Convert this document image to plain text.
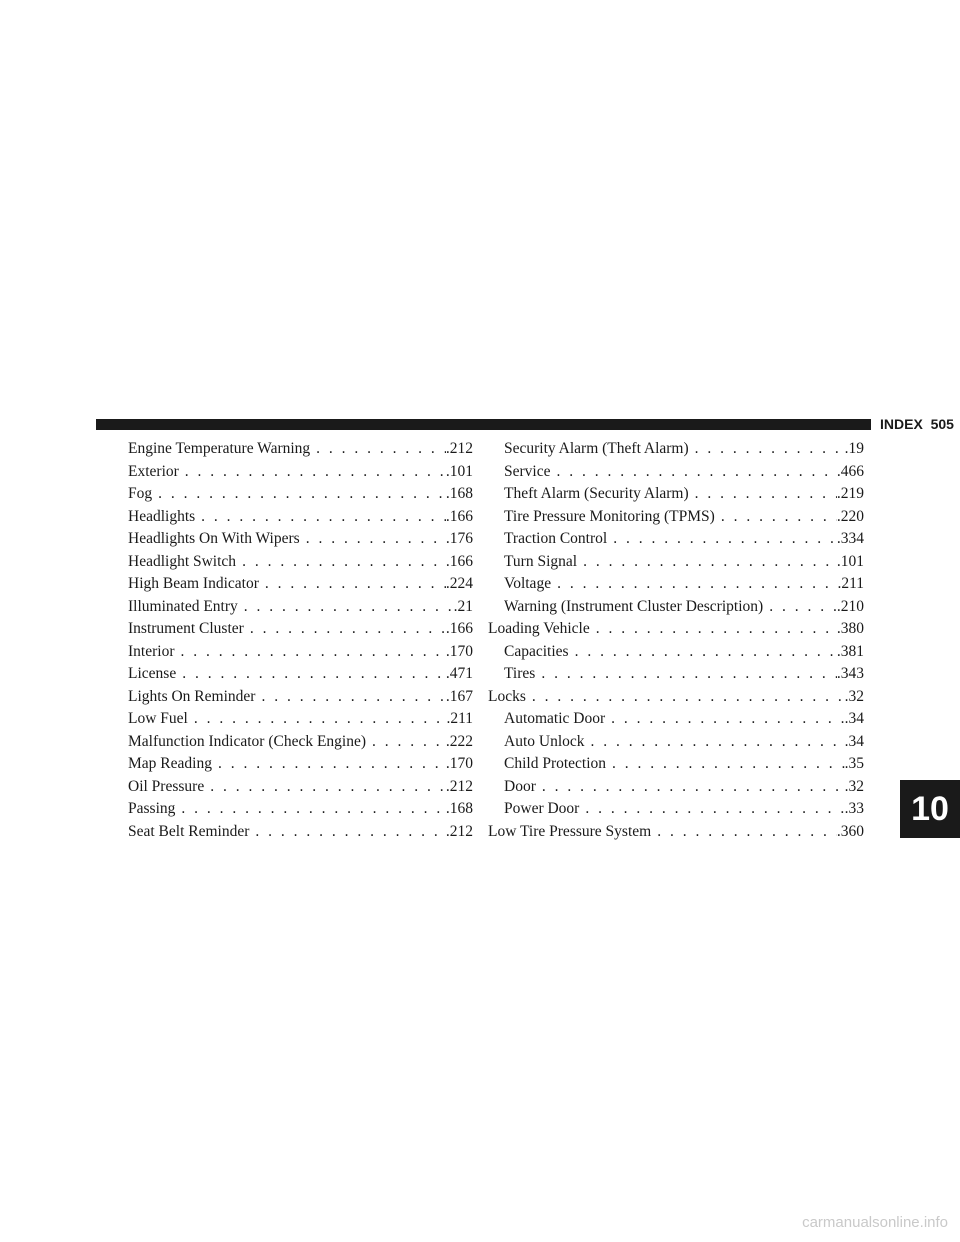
INDEX 505
Engine Temperature Warning . . .	.212
Exterior . . .	.101
Fog . . .	.168
Headlights . . .	.166
Headlights On With Wipers . . .	.176
Headlight Switch . . .	.166
High Beam Indicator . . .	.224
Illuminated Entry . . .	.21
Instrument Cluster . . .	.166
Interior . . .	.170
License . . .	.471
Lights On Reminder . . .	.167
Low Fuel . . .	.211
Malfunction Indicator (Check Engine) . . .	.222
Map Reading . . .	.170
Oil Pressure . . .	.212
Passing . . .	.168
Seat Belt Reminder . . .	.212
Security Alarm (Theft Alarm) . . .	.19
Service . . .	.466
Theft Alarm (Security Alarm) . . .	.219
Tire Pressure Monitoring (TPMS) . . .	.220
Traction Control . . .	.334
Turn Signal . . .	.101
Voltage . . .	.211
Warning (Instrument Cluster Description) . . .	.210
Loading Vehicle . . .	.380
Capacities . . .	.381
Tires . . .	.343
Locks . . .	.32
Automatic Door . . .	.34
Auto Unlock . . .	.34
Child Protection . . .	.35
Door . . .	.32
Power Door . . .	.33
Low Tire Pressure System . . .	.360
10
carmanualsonline.info
